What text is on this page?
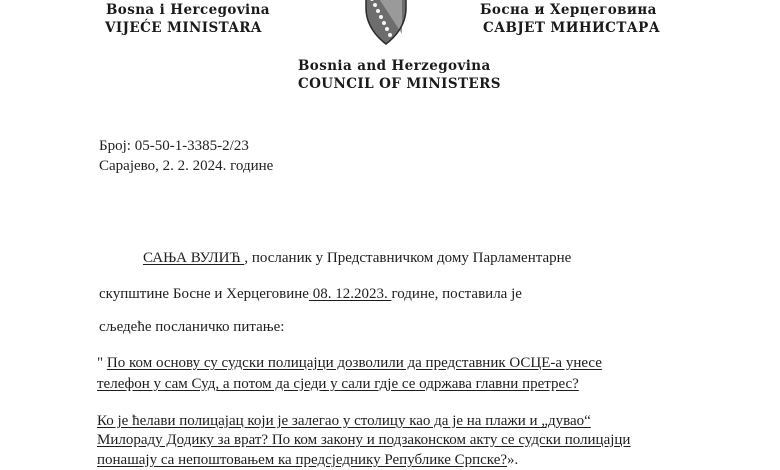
Bosna i Hercegovina
VIJEĆE MINISTARA
Боснa и Херцеговина
САВЈЕТ МИНИСТАРА
Bosnia and Herzegovina
COUNCIL OF MINISTERS
Број: 05-50-1-3385-2/23
Сарајево, 2. 2. 2024. године
САЊА ВУЛИЋ , посланик у Представничком дому Парламентарне
скупштине Босне и Херцеговине 08. 12.2023. године, поставила је
сљедеће посланичко питање:
" По ком основу су судски полицајци дозволили да представник ОСЦЕ-а унесе
телефон у сам Суд, а потом да сједи у сали гдје се одржава главни претрес?
Ко је ћелави полицајац који је залегао у столицу као да је на плажи и „дувао“
Милораду Додику за врат? По ком закону и подзаконском акту се судски полицајци
понашају са непоштовањем ка предсједнику Републике Српске?».
